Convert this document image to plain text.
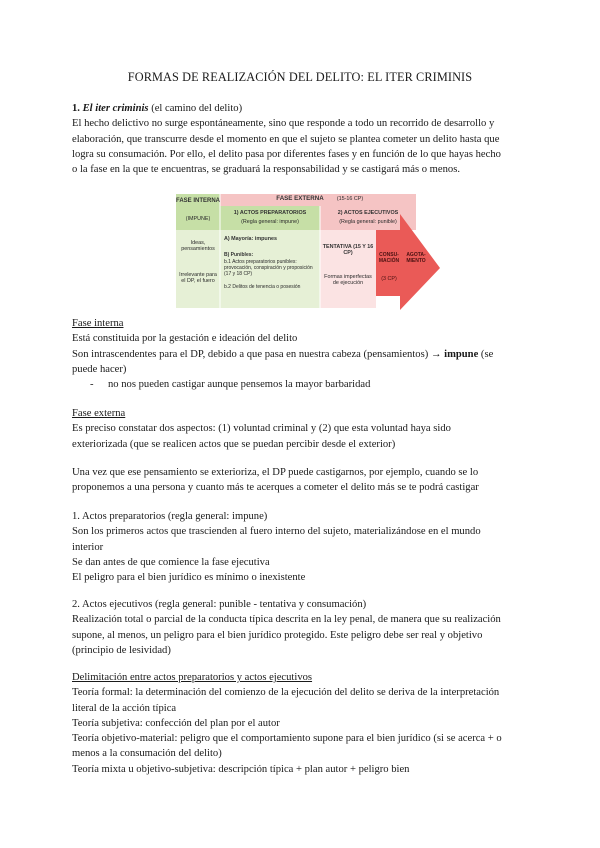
FORMAS DE REALIZACIÓN DEL DELITO: EL ITER CRIMINIS

1. El iter criminis (el camino del delito)

El hecho delictivo no surge espontáneamente, sino que responde a todo un recorrido de desarrollo y

elaboración, que transcurre desde el momento en que el sujeto se plantea cometer un delito hasta que

logra su consumación. Por ello, el delito pasa por diferentes fases y en función de lo que hayas hecho

o la fase en la que te encuentras, se graduará la responsabilidad y se castigará más o menos.

FASE INTERNA
(IMPUNE)
Ideas, pensamientos
Irrelevante para el DP, el fuero
FASE EXTERNA	(15-16 CP)
1) ACTOS PREPARATORIOS
(Regla general: impune)
A) Mayoría: impunes
B) Punibles:
b.1 Actos preparatorios punibles: provocación, conspiración y proposición (17 y 18 CP)
b.2 Delitos de tenencia o posesión
2) ACTOS EJECUTIVOS
(Regla general: punible)
TENTATIVA (15 Y 16 CP)
Formas imperfectas de ejecución
CONSU-MACIÓN
AGOTA-MIENTO
(3 CP)

Fase interna

Está constituida por la gestación e ideación del delito

Son intrascendentes para el DP, debido a que pasa en nuestra cabeza (pensamientos) → impune (se

puede hacer)

- no nos pueden castigar aunque pensemos la mayor barbaridad

Fase externa

Es preciso constatar dos aspectos: (1) voluntad criminal y (2) que esta voluntad haya sido

exteriorizada (que se realicen actos que se puedan percibir desde el exterior)

Una vez que ese pensamiento se exterioriza, el DP puede castigarnos, por ejemplo, cuando se lo

proponemos a una persona y cuanto más te acerques a cometer el delito más se te podrá castigar

1. Actos preparatorios (regla general: impune)

Son los primeros actos que trascienden al fuero interno del sujeto, materializándose en el mundo

interior

Se dan antes de que comience la fase ejecutiva

El peligro para el bien jurídico es mínimo o inexistente

2. Actos ejecutivos (regla general: punible - tentativa y consumación)

Realización total o parcial de la conducta típica descrita en la ley penal, de manera que su realización

supone, al menos, un peligro para el bien jurídico protegido. Este peligro debe ser real y objetivo

(principio de lesividad)

Delimitación entre actos preparatorios y actos ejecutivos

Teoría formal: la determinación del comienzo de la ejecución del delito se deriva de la interpretación

literal de la acción típica

Teoría subjetiva: confección del plan por el autor

Teoría objetivo-material: peligro que el comportamiento supone para el bien jurídico (si se acerca + o

menos a la consumación del delito)

Teoría mixta u objetivo-subjetiva: descripción típica + plan autor + peligro bien
